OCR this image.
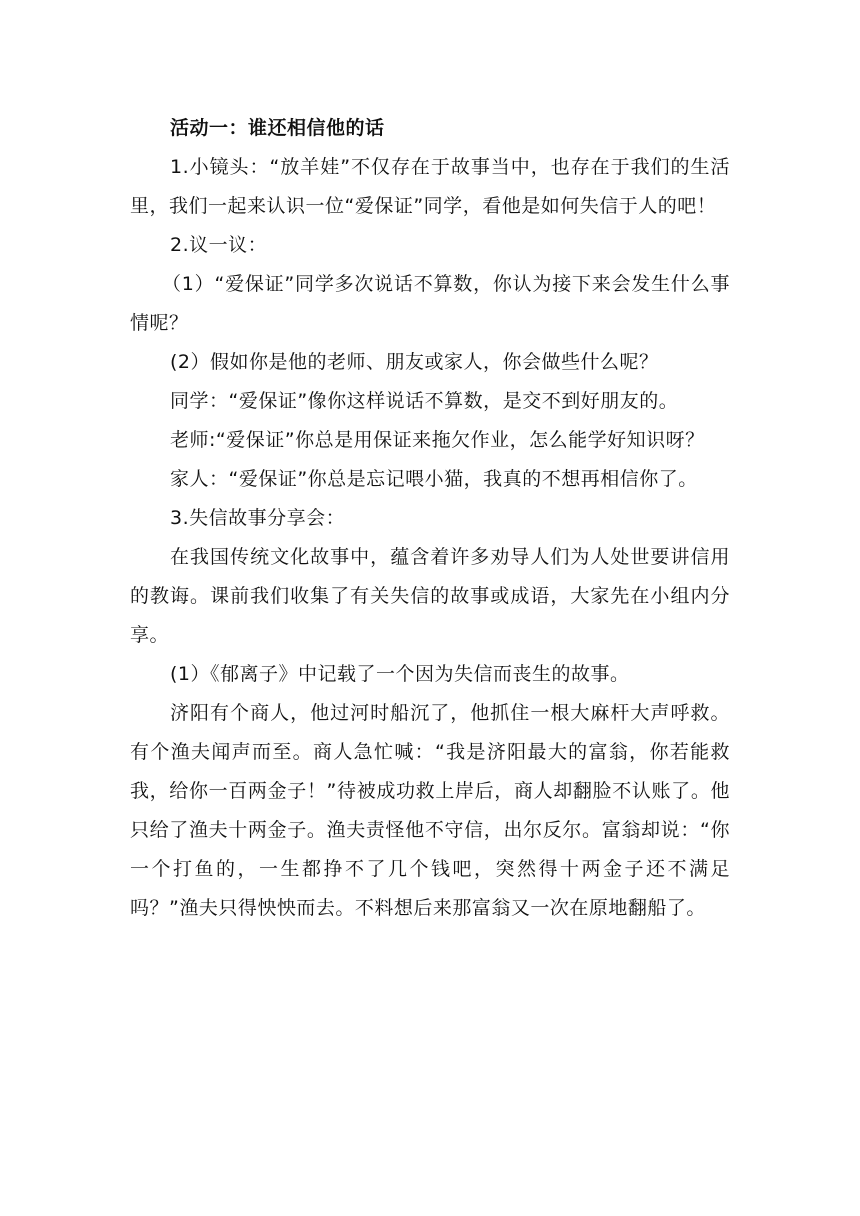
活动一：谁还相信他的话

1.小镜头：“放羊娃”不仅存在于故事当中，也存在于我们的生活里，我们一起来认识一位“爱保证”同学，看他是如何失信于人的吧！

2.议一议：

（1）“爱保证”同学多次说话不算数，你认为接下来会发生什么事情呢？

(2）假如你是他的老师、朋友或家人，你会做些什么呢？

同学：“爱保证”像你这样说话不算数，是交不到好朋友的。

老师:“爱保证”你总是用保证来拖欠作业，怎么能学好知识呀？

家人：“爱保证”你总是忘记喂小猫，我真的不想再相信你了。

3.失信故事分享会：

在我国传统文化故事中，蕴含着许多劝导人们为人处世要讲信用的教诲。课前我们收集了有关失信的故事或成语，大家先在小组内分享。

(1）《郁离子》中记载了一个因为失信而丧生的故事。

济阳有个商人，他过河时船沉了，他抓住一根大麻杆大声呼救。有个渔夫闻声而至。商人急忙喊：“我是济阳最大的富翁，你若能救我，给你一百两金子！”待被成功救上岸后，商人却翻脸不认账了。他只给了渔夫十两金子。渔夫责怪他不守信，出尔反尔。富翁却说：“你一个打鱼的，一生都挣不了几个钱吧，突然得十两金子还不满足吗？”渔夫只得怏怏而去。不料想后来那富翁又一次在原地翻船了。
